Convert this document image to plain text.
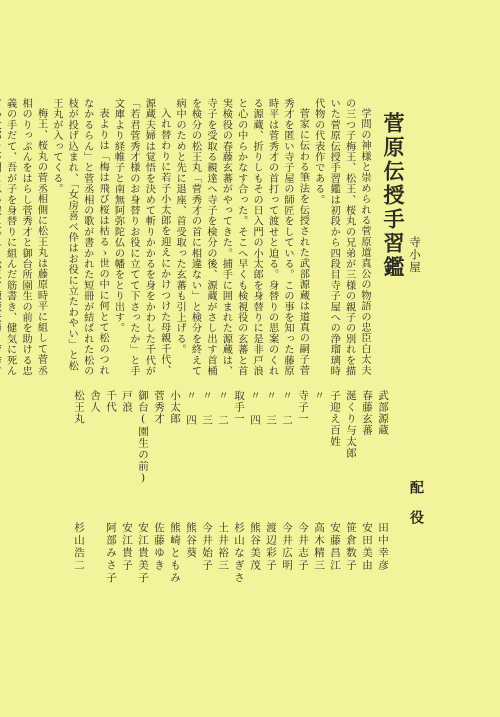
菅原伝授手習鑑 寺小屋

学問の神様と崇められる菅原道真公の物語の忠臣白太夫の三つ子梅王、松王、桜丸の兄弟が三様の親子の別れを描いた菅原伝授手習鑑は初段から四段目寺子屋への浄瑠璃時代物の代表作である。

菅家に伝わる筆法を伝授された武部源蔵は道真の嗣子菅秀才を匿い寺子屋の師匠をしている。この事を知った藤原時平は菅秀才の首打って渡せと迫る。身替りの思案のくれる源蔵、折りしもその日入門の小太郎を身替りに是非戸浪と心の中らかなす合った。そこへ早くも検視役の玄蕃と首実検役の春藤玄蕃がやってきた。捕手に囲まれた源蔵は、寺子を受取る親達へ寺子を検分の後、源蔵がさし出す首桶を検分の松王丸「菅秀才の首に相違ない」と検分を終えて病中のためと先に退座、首受取った玄蕃も引上げる。

入れ替わりに若子小太郎を迎えにかけつけた母親千代、源蔵夫婦は覚悟を決めて斬りかかるを身をかわした千代が「若君菅秀才様のお身替りお役に立てて下さったか」と手文庫より経帷子と南無阿弥陀仏の幡をとり出す。

表よりは「梅は飛び桜は枯るゝ世の中に何とて松のつれなかるらん」と菅丞相の歌が書かれた短冊が結ばれた松の枝が投げ込まれ、「女房喜べ伜はお役に立たわやい」と松王丸が入ってくる。

梅王、桜丸の菅丞相側に松王丸は藤原時平に組して菅丞相のりっぷんをはらし菅秀才と御台所園生の前を助ける忠義の手だて、吾が子を身替りに組んだ筋書き、健気に死ん

配役
武部源蔵
田中幸彦
春藤玄蕃
安田美由
涎くり与太郎
笹倉数子
子迎え百姓
安藤昌江
〃
高木精三
寺子一
今井志子
〃 二
今井広明
〃 三
渡辺彩子
〃 四
熊谷美茂
取手一
杉山なぎさ
〃 二
土井裕三
〃 三
今井始子
〃 四
熊谷葵
小太郎
熊崎ともみ
菅秀才
佐藤ゆき
御台(園生の前)
安江貴美子
戸浪
安江貴子
千代
阿部みさ子
舎人
松王丸
杉山浩二
